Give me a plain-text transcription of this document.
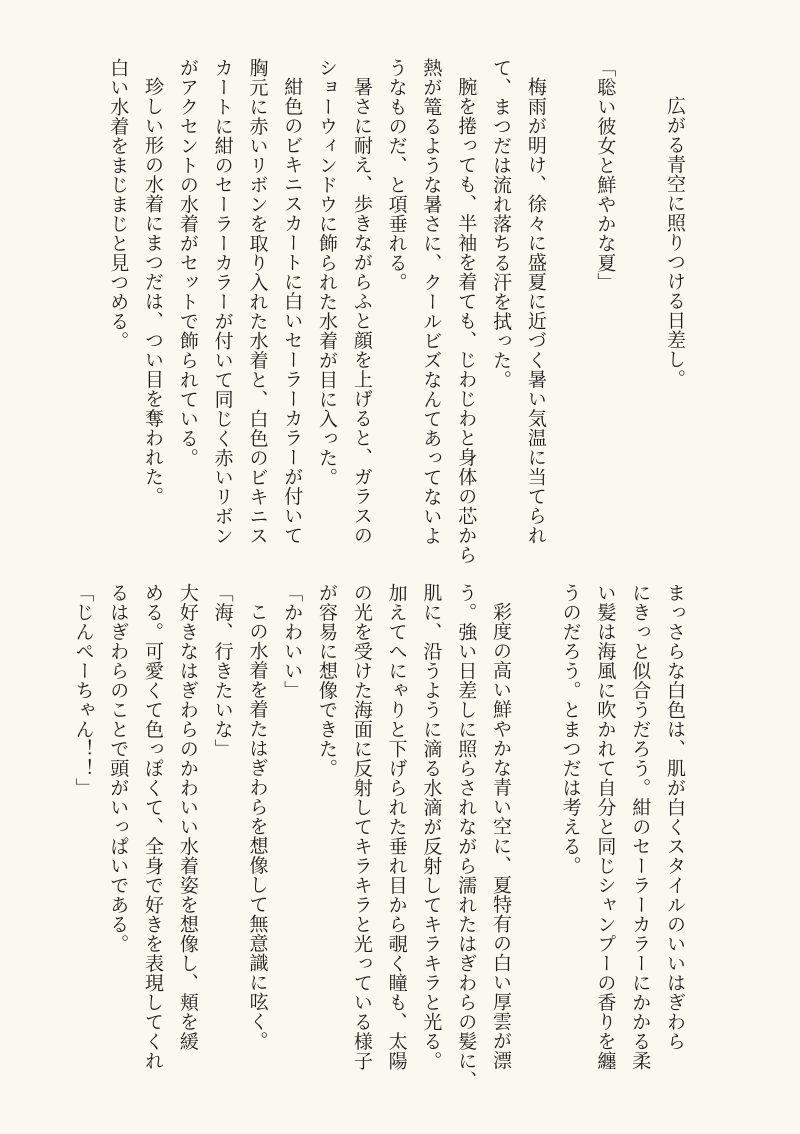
広がる青空に照りつける日差し。
「聡い彼女と鮮やかな夏」
梅雨が明け、徐々に盛夏に近づく暑い気温に当てられ
て、まつだは流れ落ちる汗を拭った。
腕を捲っても、半袖を着ても、じわじわと身体の芯から
熱が篭るような暑さに、クールビズなんてあってないよ
うなものだ、と項垂れる。
暑さに耐え、歩きながらふと顔を上げると、ガラスの
ショーウィンドウに飾られた水着が目に入った。
紺色のビキニスカートに白いセーラーカラーが付いて
胸元に赤いリボンを取り入れた水着と、白色のビキニス
カートに紺のセーラーカラーが付いて同じく赤いリボン
がアクセントの水着がセットで飾られている。
珍しい形の水着にまつだは、つい目を奪われた。
白い水着をまじまじと見つめる。
まっさらな白色は、肌が白くスタイルのいいはぎわら
にきっと似合うだろう。紺のセーラーカラーにかかる柔
い髪は海風に吹かれて自分と同じシャンプーの香りを纏
うのだろう。とまつだは考える。
彩度の高い鮮やかな青い空に、夏特有の白い厚雲が漂
う。強い日差しに照らされながら濡れたはぎわらの髪に、
肌に、沿うように滴る水滴が反射してキラキラと光る。
加えてへにゃりと下げられた垂れ目から覗く瞳も、太陽
の光を受けた海面に反射してキラキラと光っている様子
が容易に想像できた。
「かわいい」
この水着を着たはぎわらを想像して無意識に呟く。
「海、行きたいな」
大好きなはぎわらのかわいい水着姿を想像し、頬を緩
める。可愛くて色っぽくて、全身で好きを表現してくれ
るはぎわらのことで頭がいっぱいである。
「じんぺーちゃん！！」
